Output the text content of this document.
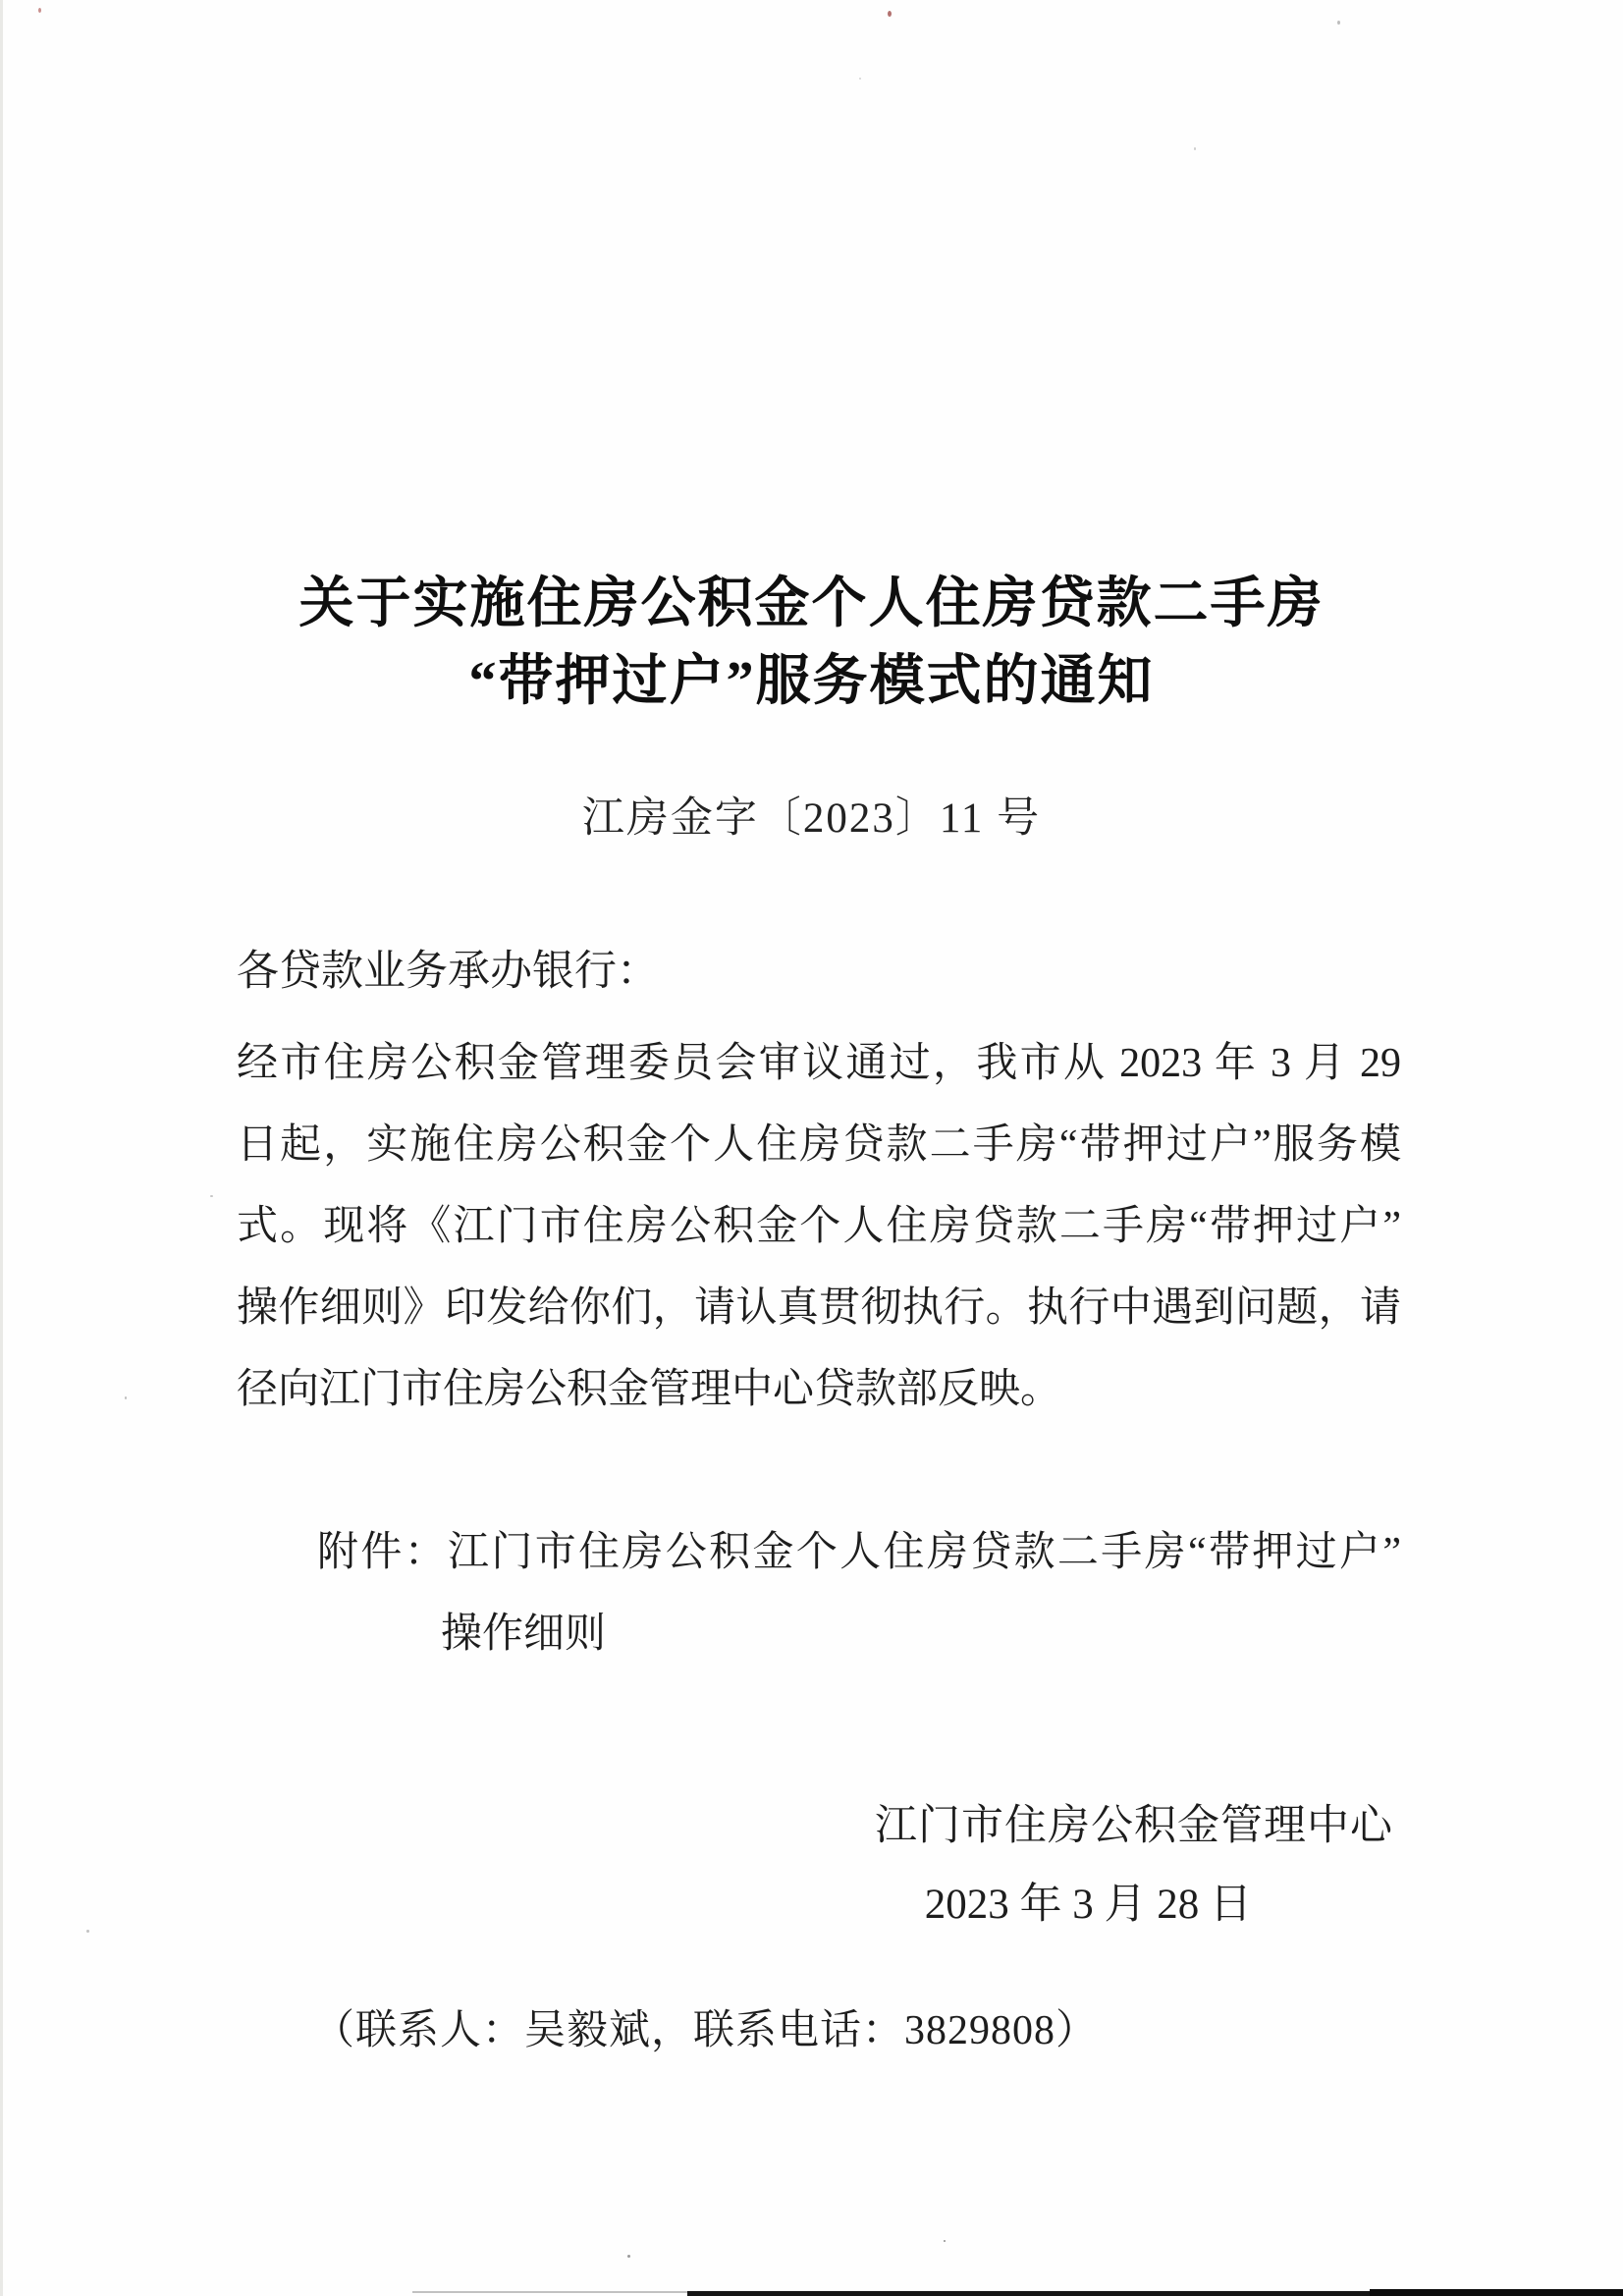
关于实施住房公积金个人住房贷款二手房
“带押过户”服务模式的通知
江房金字〔2023〕11 号
各贷款业务承办银行：
经市住房公积金管理委员会审议通过，我市从 2023 年 3 月 29
日起，实施住房公积金个人住房贷款二手房“带押过户”服务模
式。现将《江门市住房公积金个人住房贷款二手房“带押过户”
操作细则》印发给你们，请认真贯彻执行。执行中遇到问题，请
径向江门市住房公积金管理中心贷款部反映。
附件：江门市住房公积金个人住房贷款二手房“带押过户”
操作细则
江门市住房公积金管理中心
2023 年 3 月 28 日
（联系人：吴毅斌，联系电话：3829808）
